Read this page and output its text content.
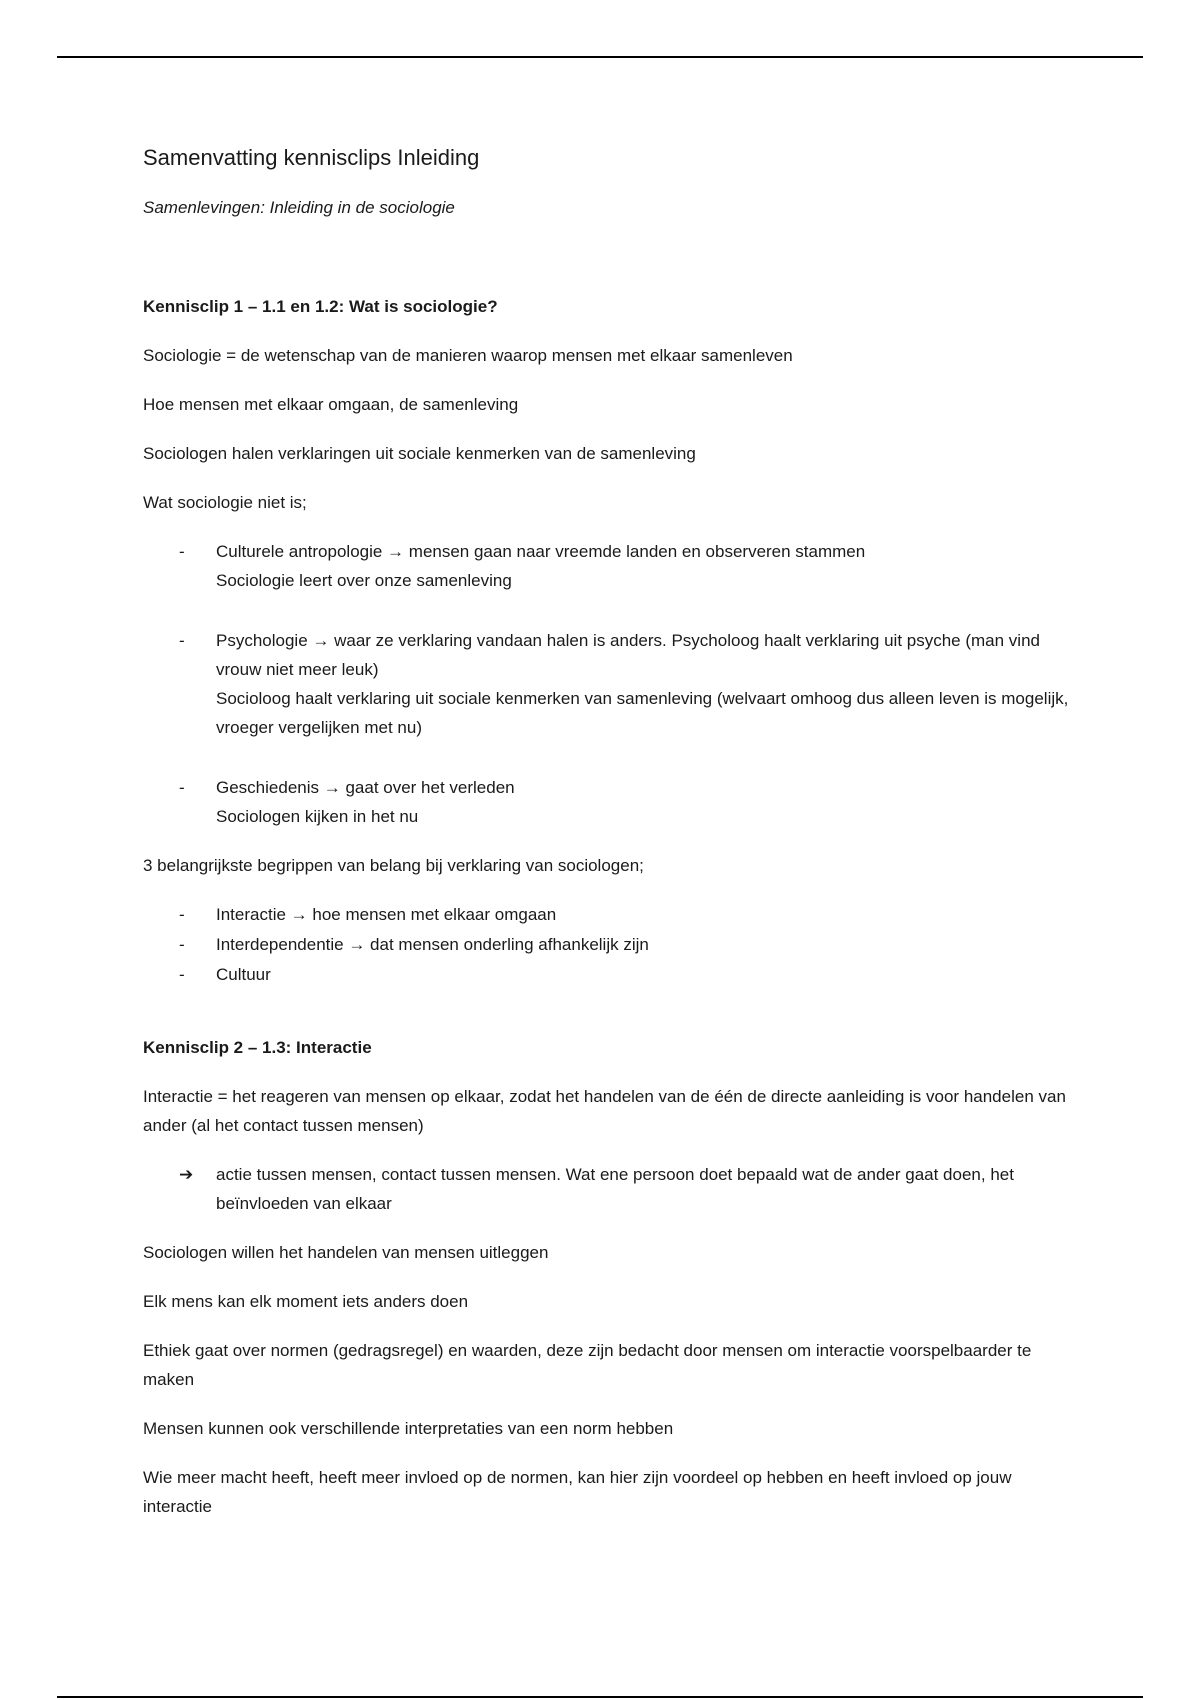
Samenvatting kennisclips Inleiding
Samenlevingen: Inleiding in de sociologie
Kennisclip 1 – 1.1 en 1.2: Wat is sociologie?

Sociologie = de wetenschap van de manieren waarop mensen met elkaar samenleven

Hoe mensen met elkaar omgaan, de samenleving

Sociologen halen verklaringen uit sociale kenmerken van de samenleving

Wat sociologie niet is;

-	Culturele antropologie → mensen gaan naar vreemde landen en observeren stammen
Sociologie leert over onze samenleving
-	Psychologie → waar ze verklaring vandaan halen is anders. Psycholoog haalt verklaring uit psyche (man vind vrouw niet meer leuk)
Socioloog haalt verklaring uit sociale kenmerken van samenleving (welvaart omhoog dus alleen leven is mogelijk, vroeger vergelijken met nu)
-	Geschiedenis → gaat over het verleden
Sociologen kijken in het nu

3 belangrijkste begrippen van belang bij verklaring van sociologen;

-	Interactie → hoe mensen met elkaar omgaan
-	Interdependentie → dat mensen onderling afhankelijk zijn
-	Cultuur
Kennisclip 2 – 1.3: Interactie

Interactie = het reageren van mensen op elkaar, zodat het handelen van de één de directe aanleiding is voor handelen van ander (al het contact tussen mensen)

➔	actie tussen mensen, contact tussen mensen. Wat ene persoon doet bepaald wat de ander gaat doen, het beïnvloeden van elkaar

Sociologen willen het handelen van mensen uitleggen

Elk mens kan elk moment iets anders doen

Ethiek gaat over normen (gedragsregel) en waarden, deze zijn bedacht door mensen om interactie voorspelbaarder te maken

Mensen kunnen ook verschillende interpretaties van een norm hebben

Wie meer macht heeft, heeft meer invloed op de normen, kan hier zijn voordeel op hebben en heeft invloed op jouw interactie
